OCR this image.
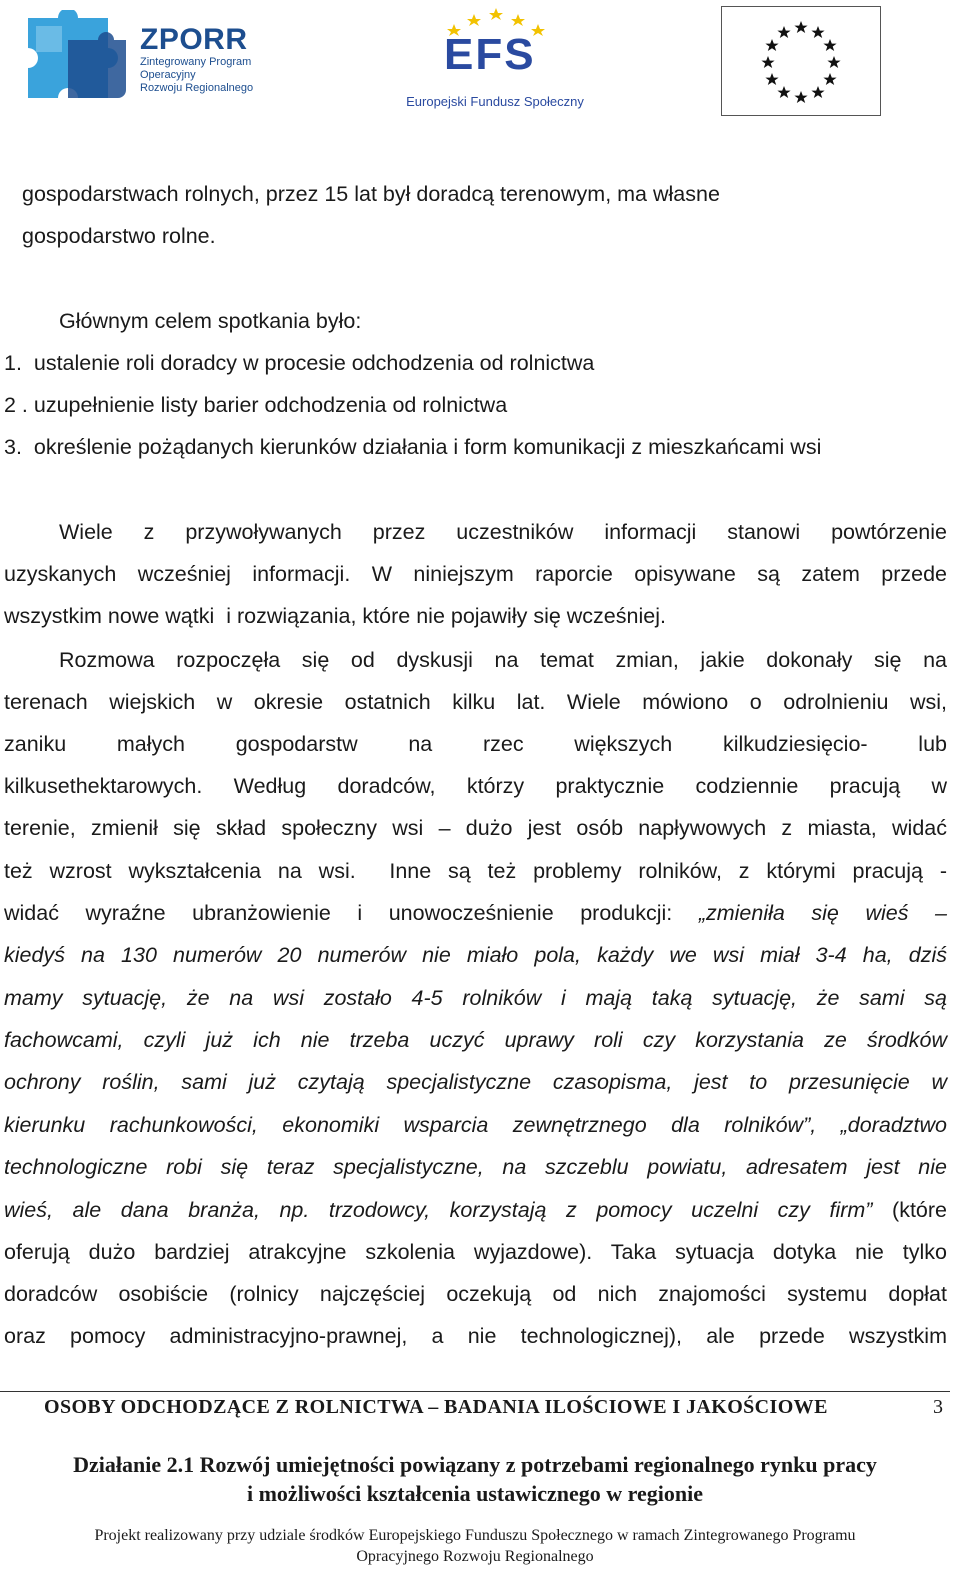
ZPORR
Zintegrowany Program
Operacyjny
Rozwoju Regionalnego
EFS
Europejski Fundusz Społeczny
gospodarstwach rolnych, przez 15 lat był doradcą terenowym, ma własne
gospodarstwo rolne.
Głównym celem spotkania było:
1.  ustalenie roli doradcy w procesie odchodzenia od rolnictwa
2 . uzupełnienie listy barier odchodzenia od rolnictwa
3.  określenie pożądanych kierunków działania i form komunikacji z mieszkańcami wsi
Wiele z przywoływanych przez uczestników informacji stanowi powtórzenie
uzyskanych wcześniej informacji. W niniejszym raporcie opisywane są zatem przede
wszystkim nowe wątki  i rozwiązania, które nie pojawiły się wcześniej.
Rozmowa rozpoczęła się od dyskusji na temat zmian, jakie dokonały się na
terenach wiejskich w okresie ostatnich kilku lat. Wiele mówiono o odrolnieniu wsi,
zaniku małych gospodarstw na rzec większych kilkudziesięcio- lub
kilkusethektarowych. Według doradców, którzy praktycznie codziennie pracują w
terenie, zmienił się skład społeczny wsi – dużo jest osób napływowych z miasta, widać
też wzrost wykształcenia na wsi.  Inne są też problemy rolników, z którymi pracują -
widać wyraźne ubranżowienie i unowocześnienie produkcji: „zmieniła się wieś –
kiedyś na 130 numerów 20 numerów nie miało pola, każdy we wsi miał 3-4 ha, dziś
mamy sytuację, że na wsi zostało 4-5 rolników i mają taką sytuację, że sami są
fachowcami, czyli już ich nie trzeba uczyć uprawy roli czy korzystania ze środków
ochrony roślin, sami już czytają specjalistyczne czasopisma, jest to przesunięcie w
kierunku rachunkowości, ekonomiki wsparcia zewnętrznego dla rolników”, „doradztwo
technologiczne robi się teraz specjalistyczne, na szczeblu powiatu, adresatem jest nie
wieś, ale dana branża, np. trzodowcy, korzystają z pomocy uczelni czy firm” (które
oferują dużo bardziej atrakcyjne szkolenia wyjazdowe). Taka sytuacja dotyka nie tylko
doradców osobiście (rolnicy najczęściej oczekują od nich znajomości systemu dopłat
oraz pomocy administracyjno-prawnej, a nie technologicznej), ale przede wszystkim
OSOBY ODCHODZĄCE Z ROLNICTWA – BADANIA ILOŚCIOWE I JAKOŚCIOWE	3
Działanie 2.1 Rozwój umiejętności powiązany z potrzebami regionalnego rynku pracy
i możliwości kształcenia ustawicznego w regionie
Projekt realizowany przy udziale środków Europejskiego Funduszu Społecznego w ramach Zintegrowanego Programu
Opracyjnego Rozwoju Regionalnego
